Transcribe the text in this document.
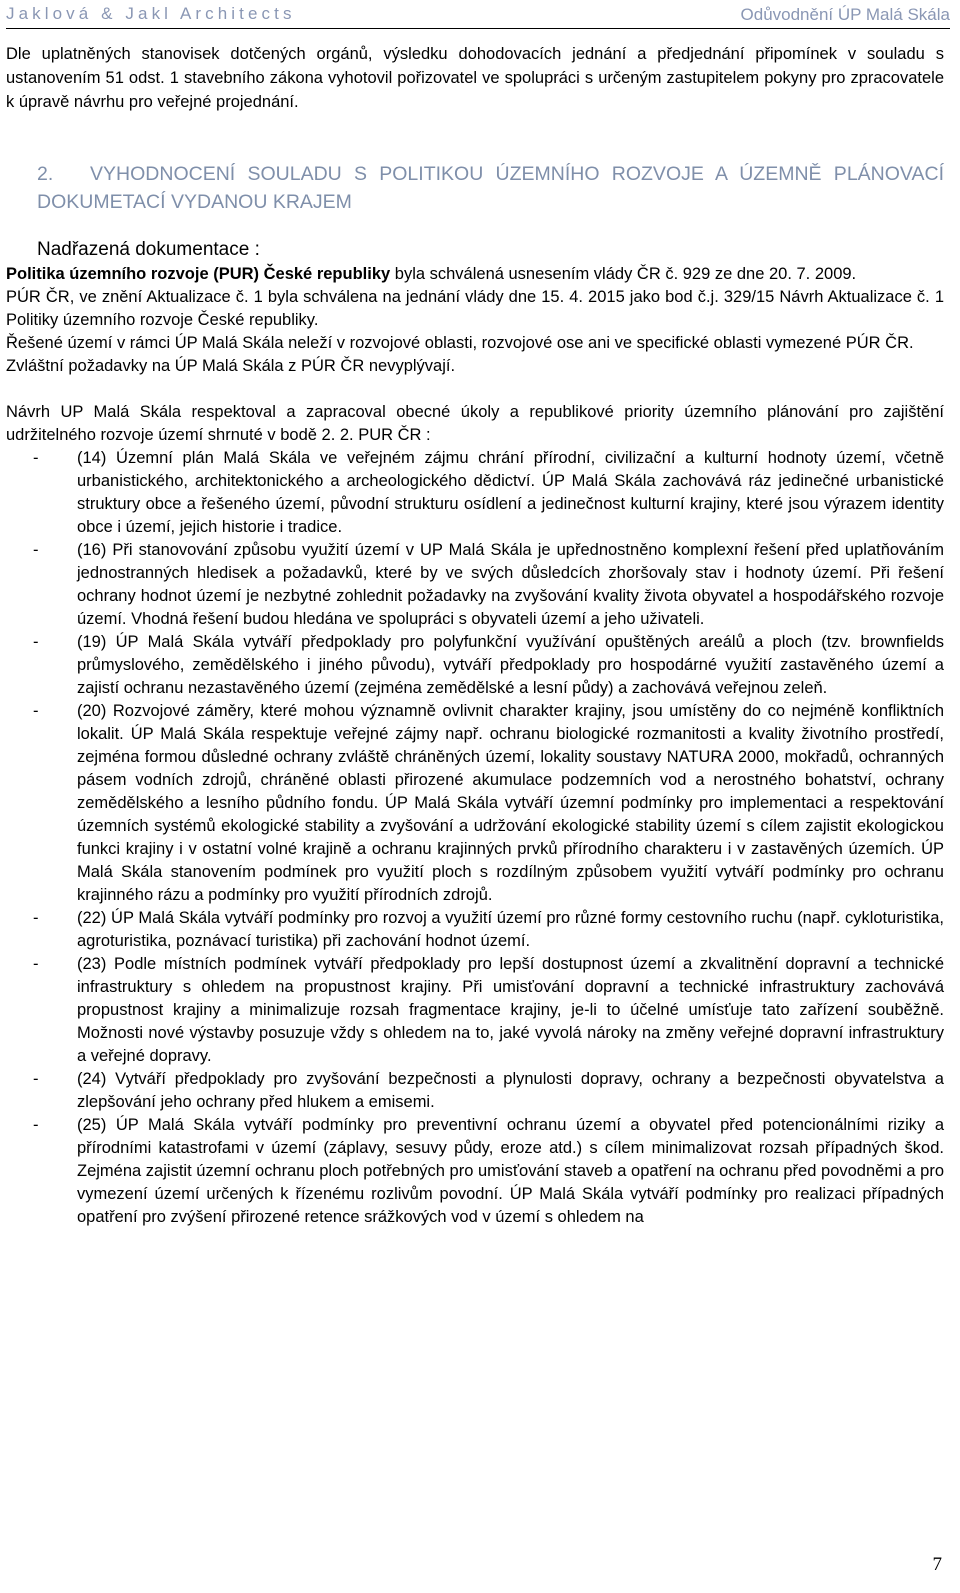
Jaklová & Jakl Architects	Odůvodnění ÚP Malá Skála

Dle uplatněných stanovisek dotčených orgánů, výsledku dohodovacích jednání a předjednání připomínek v souladu s ustanovením 51 odst. 1 stavebního zákona vyhotovil pořizovatel ve spolupráci s určeným zastupitelem pokyny pro zpracovatele k úpravě návrhu pro veřejné projednání.

2. VYHODNOCENÍ SOULADU S POLITIKOU ÚZEMNÍHO ROZVOJE A ÚZEMNĚ PLÁNOVACÍ DOKUMETACÍ VYDANOU KRAJEM

Nadřazená dokumentace :

Politika územního rozvoje (PUR) České republiky byla schválená usnesením vlády ČR č. 929 ze dne 20. 7. 2009.

PÚR ČR, ve znění Aktualizace č. 1 byla schválena na jednání vlády dne 15. 4. 2015 jako bod č.j. 329/15 Návrh Aktualizace č. 1 Politiky územního rozvoje České republiky.

Řešené území v rámci ÚP Malá Skála neleží v rozvojové oblasti, rozvojové ose ani ve specifické oblasti vymezené PÚR ČR.

Zvláštní požadavky na ÚP Malá Skála z PÚR ČR nevyplývají.

Návrh UP Malá Skála respektoval a zapracoval obecné úkoly a republikové priority územního plánování pro zajištění udržitelného rozvoje území shrnuté v bodě 2. 2. PUR ČR :

- (14) Územní plán Malá Skála ve veřejném zájmu chrání přírodní, civilizační a kulturní hodnoty území, včetně urbanistického, architektonického a archeologického dědictví. ÚP Malá Skála zachovává ráz jedinečné urbanistické struktury obce a řešeného území, původní strukturu osídlení a jedinečnost kulturní krajiny, které jsou výrazem identity obce i území, jejich historie i tradice.
- (16) Při stanovování způsobu využití území v UP Malá Skála je upřednostněno komplexní řešení před uplatňováním jednostranných hledisek a požadavků, které by ve svých důsledcích zhoršovaly stav i hodnoty území. Při řešení ochrany hodnot území je nezbytné zohlednit požadavky na zvyšování kvality života obyvatel a hospodářského rozvoje území. Vhodná řešení budou hledána ve spolupráci s obyvateli území a jeho uživateli.
- (19) ÚP Malá Skála vytváří předpoklady pro polyfunkční využívání opuštěných areálů a ploch (tzv. brownfields průmyslového, zemědělského i jiného původu), vytváří předpoklady pro hospodárné využití zastavěného území a zajistí ochranu nezastavěného území (zejména zemědělské a lesní půdy) a zachovává veřejnou zeleň.
- (20) Rozvojové záměry, které mohou významně ovlivnit charakter krajiny, jsou umístěny do co nejméně konfliktních lokalit. ÚP Malá Skála respektuje veřejné zájmy např. ochranu biologické rozmanitosti a kvality životního prostředí, zejména formou důsledné ochrany zvláště chráněných území, lokality soustavy NATURA 2000, mokřadů, ochranných pásem vodních zdrojů, chráněné oblasti přirozené akumulace podzemních vod a nerostného bohatství, ochrany zemědělského a lesního půdního fondu. ÚP Malá Skála vytváří územní podmínky pro implementaci a respektování územních systémů ekologické stability a zvyšování a udržování ekologické stability území s cílem zajistit ekologickou funkci krajiny i v ostatní volné krajině a ochranu krajinných prvků přírodního charakteru i v zastavěných územích. ÚP Malá Skála stanovením podmínek pro využití ploch s rozdílným způsobem využití vytváří podmínky pro ochranu krajinného rázu a podmínky pro využití přírodních zdrojů.
- (22) ÚP Malá Skála vytváří podmínky pro rozvoj a využití území pro různé formy cestovního ruchu (např. cykloturistika, agroturistika, poznávací turistika) při zachování hodnot území.
- (23) Podle místních podmínek vytváří předpoklady pro lepší dostupnost území a zkvalitnění dopravní a technické infrastruktury s ohledem na propustnost krajiny. Při umisťování dopravní a technické infrastruktury zachovává propustnost krajiny a minimalizuje rozsah fragmentace krajiny, je-li to účelné umísťuje tato zařízení souběžně. Možnosti nové výstavby posuzuje vždy s ohledem na to, jaké vyvolá nároky na změny veřejné dopravní infrastruktury a veřejné dopravy.
- (24) Vytváří předpoklady pro zvyšování bezpečnosti a plynulosti dopravy, ochrany a bezpečnosti obyvatelstva a zlepšování jeho ochrany před hlukem a emisemi.
- (25) ÚP Malá Skála vytváří podmínky pro preventivní ochranu území a obyvatel před potencionálními riziky a přírodními katastrofami v území (záplavy, sesuvy půdy, eroze atd.) s cílem minimalizovat rozsah případných škod. Zejména zajistit územní ochranu ploch potřebných pro umisťování staveb a opatření na ochranu před povodněmi a pro vymezení území určených k řízenému rozlivům povodní. ÚP Malá Skála vytváří podmínky pro realizaci případných opatření pro zvýšení přirozené retence srážkových vod v území s ohledem na
7
